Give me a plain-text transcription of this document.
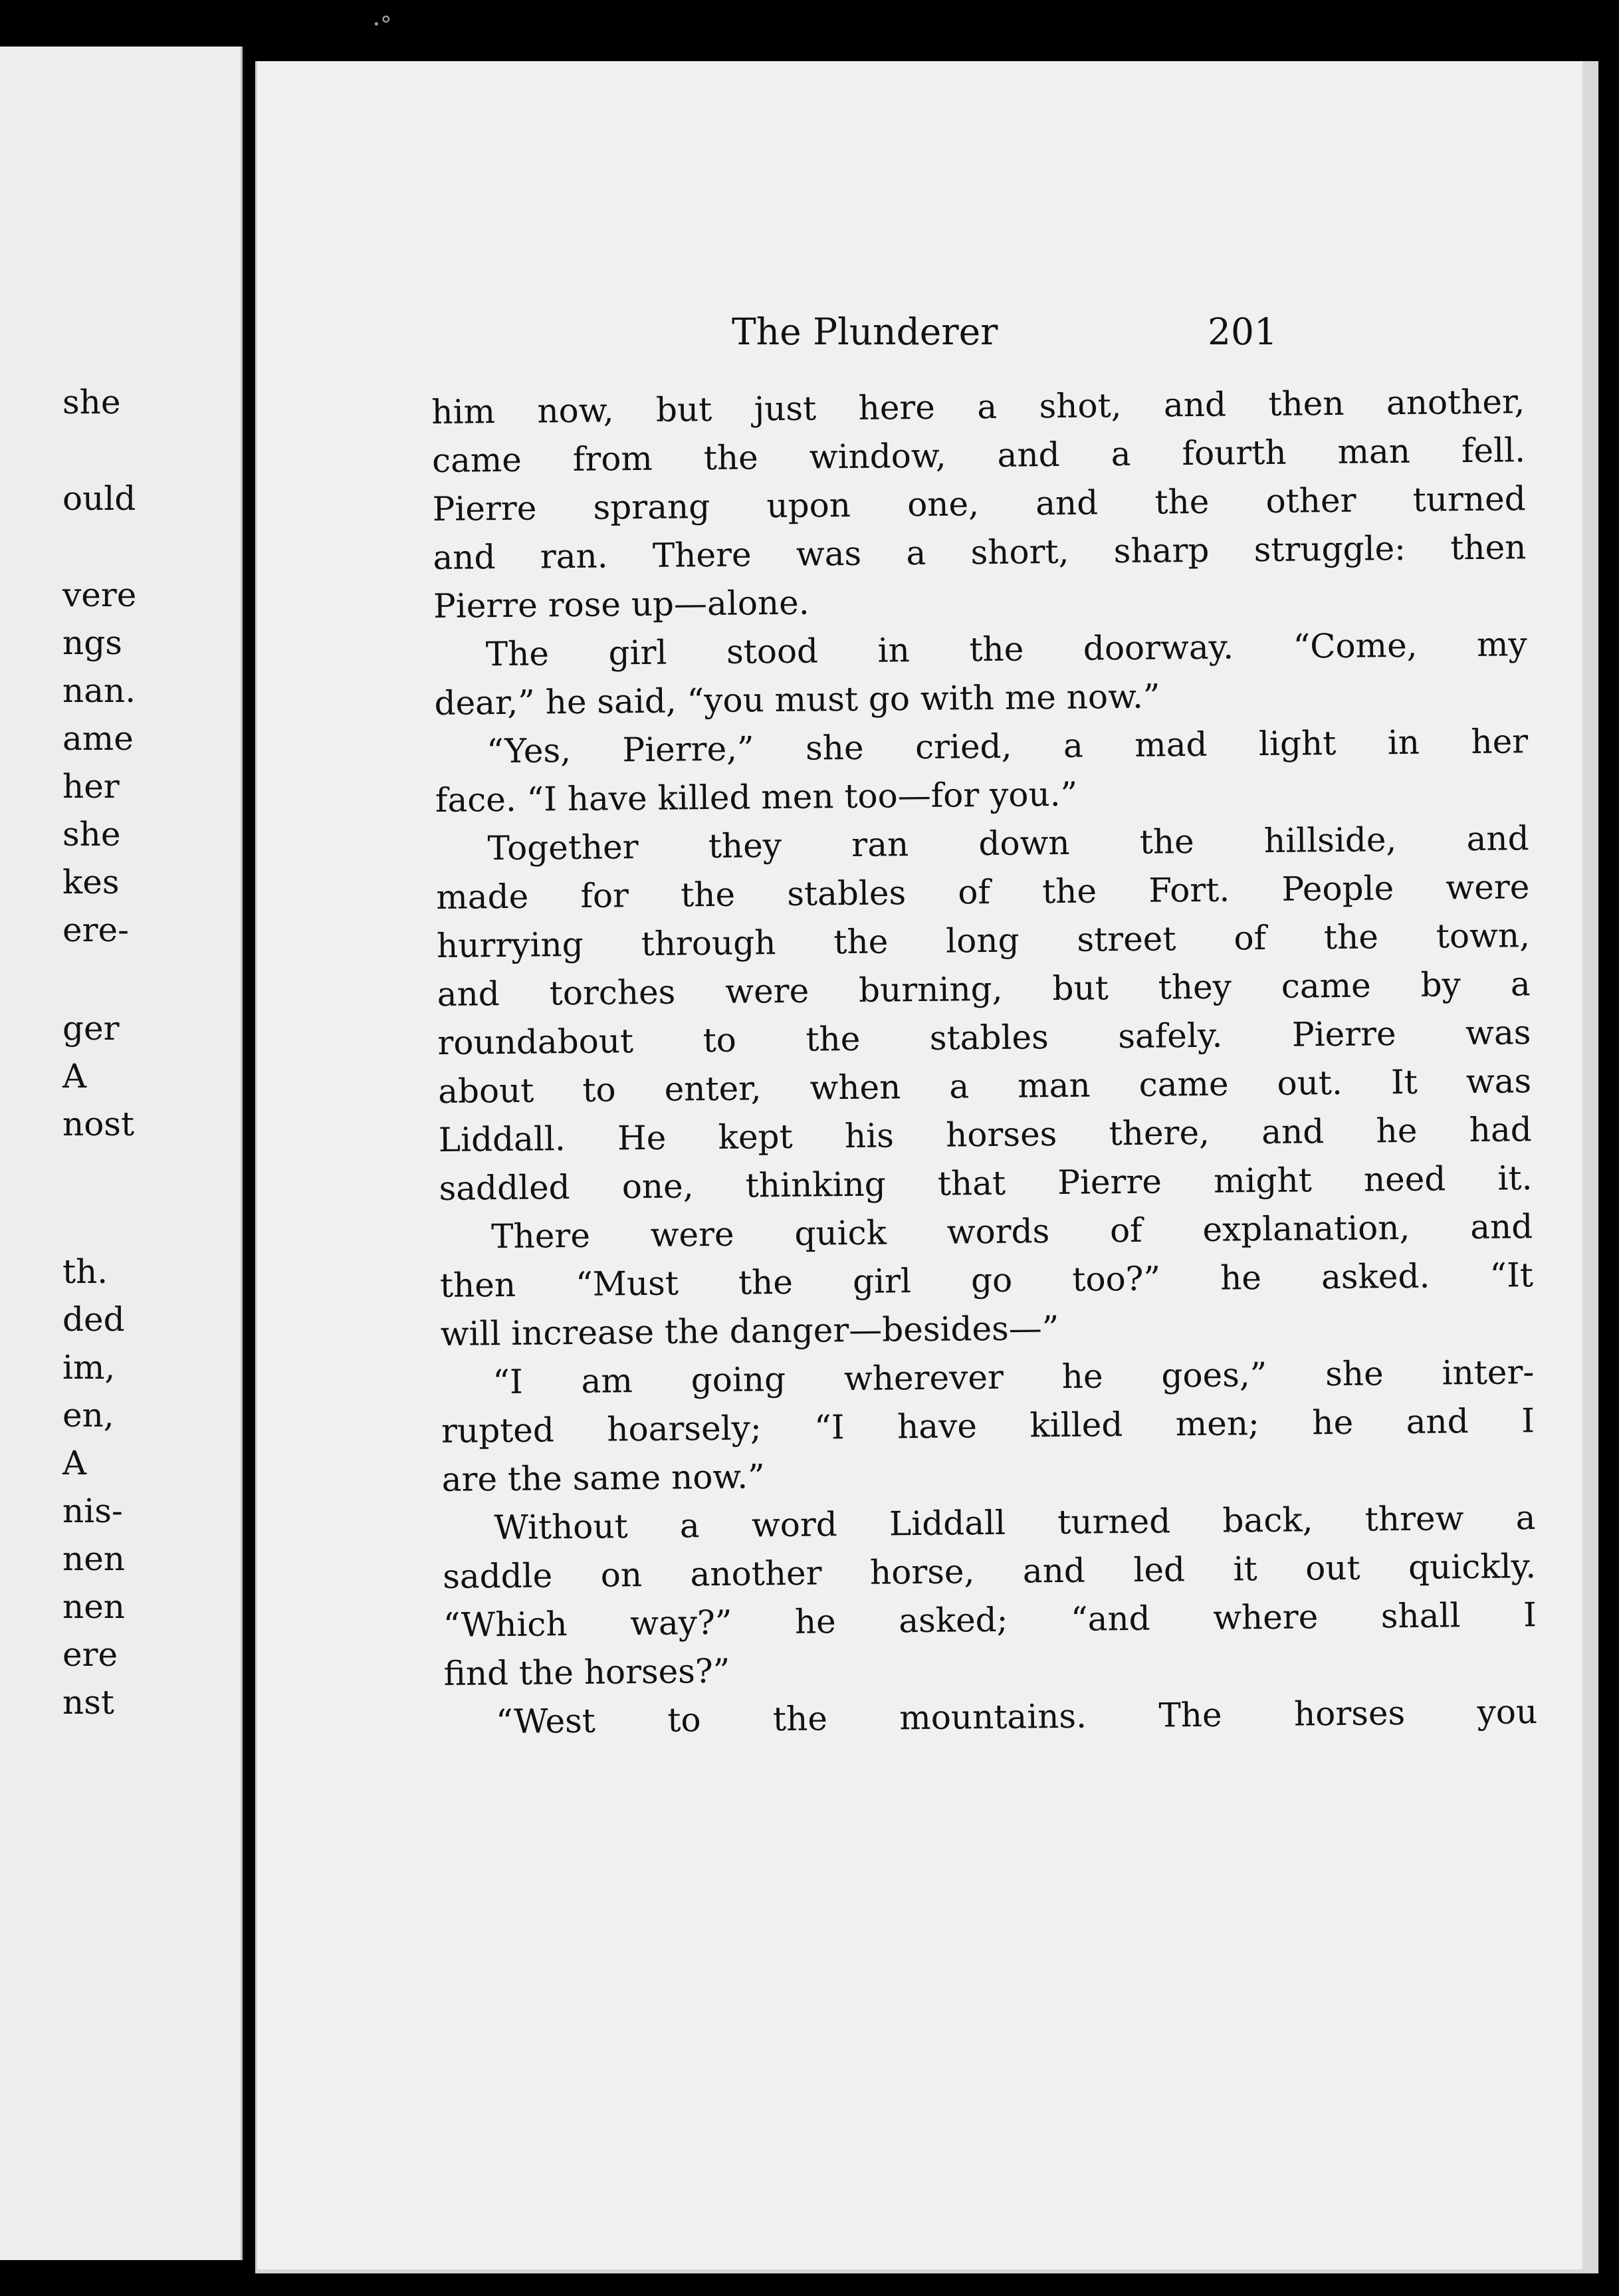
·ᐤ
she
ould
vere
ngs
nan.
ame
her
she
kes
ere-
ger
A
nost
th.
ded
im,
en,
A
nis-
nen
nen
ere
nst
The Plunderer	201
him now, but just here a shot, and then another,
came from the window, and a fourth man fell.
Pierre sprang upon one, and the other turned
and ran. There was a short, sharp struggle: then
Pierre rose up—alone.
The girl stood in the doorway. “Come, my
dear,” he said, “you must go with me now.”
“Yes, Pierre,” she cried, a mad light in her
face. “I have killed men too—for you.”
Together they ran down the hillside, and
made for the stables of the Fort. People were
hurrying through the long street of the town,
and torches were burning, but they came by a
roundabout to the stables safely. Pierre was
about to enter, when a man came out. It was
Liddall. He kept his horses there, and he had
saddled one, thinking that Pierre might need it.
There were quick words of explanation, and
then “Must the girl go too?” he asked. “It
will increase the danger—besides—”
“I am going wherever he goes,” she inter-
rupted hoarsely; “I have killed men; he and I
are the same now.”
Without a word Liddall turned back, threw a
saddle on another horse, and led it out quickly.
“Which way?” he asked; “and where shall I
find the horses?”
“West to the mountains. The horses you
